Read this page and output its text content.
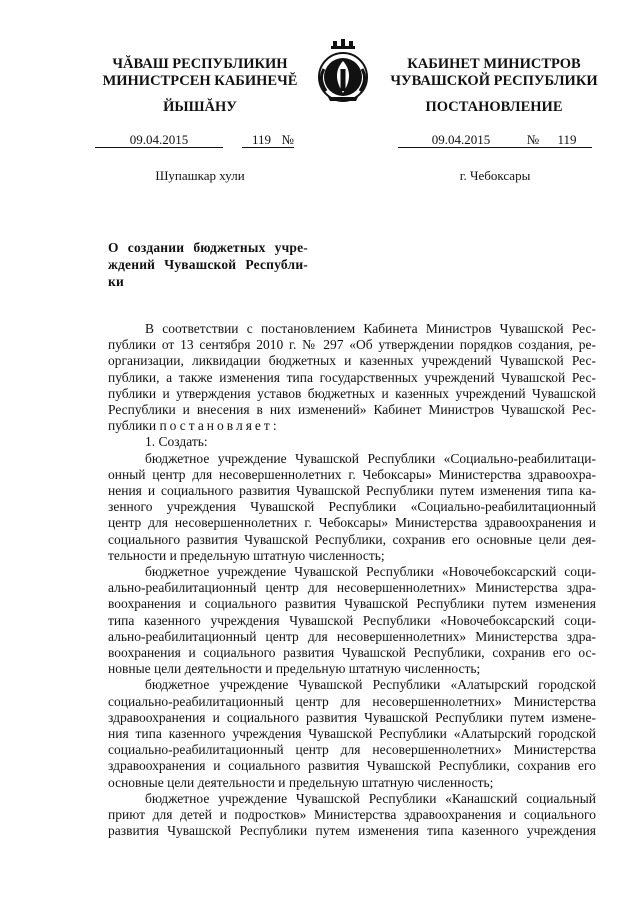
ЧĂВАШ РЕСПУБЛИКИН
МИНИСТРСЕН КАБИНЕЧĔ
ЙЫШĂНУ
КАБИНЕТ МИНИСТРОВ
ЧУВАШСКОЙ РЕСПУБЛИКИ
ПОСТАНОВЛЕНИЕ
09.04.2015	119 №	09.04.2015	№ 119
Шупашкар хули	г. Чебоксары
О создании бюджетных учре-
ждений Чувашской Республи-
ки
В соответствии с постановлением Кабинета Министров Чувашской Рес-
публики от 13 сентября 2010 г. № 297 «Об утверждении порядков создания, ре-
организации, ликвидации бюджетных и казенных учреждений Чувашской Рес-
публики, а также изменения типа государственных учреждений Чувашской Рес-
публики и утверждения уставов бюджетных и казенных учреждений Чувашской
Республики и внесения в них изменений» Кабинет Министров Чувашской Рес-
публики постановляет:
1. Создать:
бюджетное учреждение Чувашской Республики «Социально-реабилитаци-
онный центр для несовершеннолетних г. Чебоксары» Министерства здравоохра-
нения и социального развития Чувашской Республики путем изменения типа ка-
зенного учреждения Чувашской Республики «Социально-реабилитационный
центр для несовершеннолетних г. Чебоксары» Министерства здравоохранения и
социального развития Чувашской Республики, сохранив его основные цели дея-
тельности и предельную штатную численность;
бюджетное учреждение Чувашской Республики «Новочебоксарский соци-
ально-реабилитационный центр для несовершеннолетних» Министерства здра-
воохранения и социального развития Чувашской Республики путем изменения
типа казенного учреждения Чувашской Республики «Новочебоксарский соци-
ально-реабилитационный центр для несовершеннолетних» Министерства здра-
воохранения и социального развития Чувашской Республики, сохранив его ос-
новные цели деятельности и предельную штатную численность;
бюджетное учреждение Чувашской Республики «Алатырский городской
социально-реабилитационный центр для несовершеннолетних» Министерства
здравоохранения и социального развития Чувашской Республики путем измене-
ния типа казенного учреждения Чувашской Республики «Алатырский городской
социально-реабилитационный центр для несовершеннолетних» Министерства
здравоохранения и социального развития Чувашской Республики, сохранив его
основные цели деятельности и предельную штатную численность;
бюджетное учреждение Чувашской Республики «Канашский социальный
приют для детей и подростков» Министерства здравоохранения и социального
развития Чувашской Республики путем изменения типа казенного учреждения
